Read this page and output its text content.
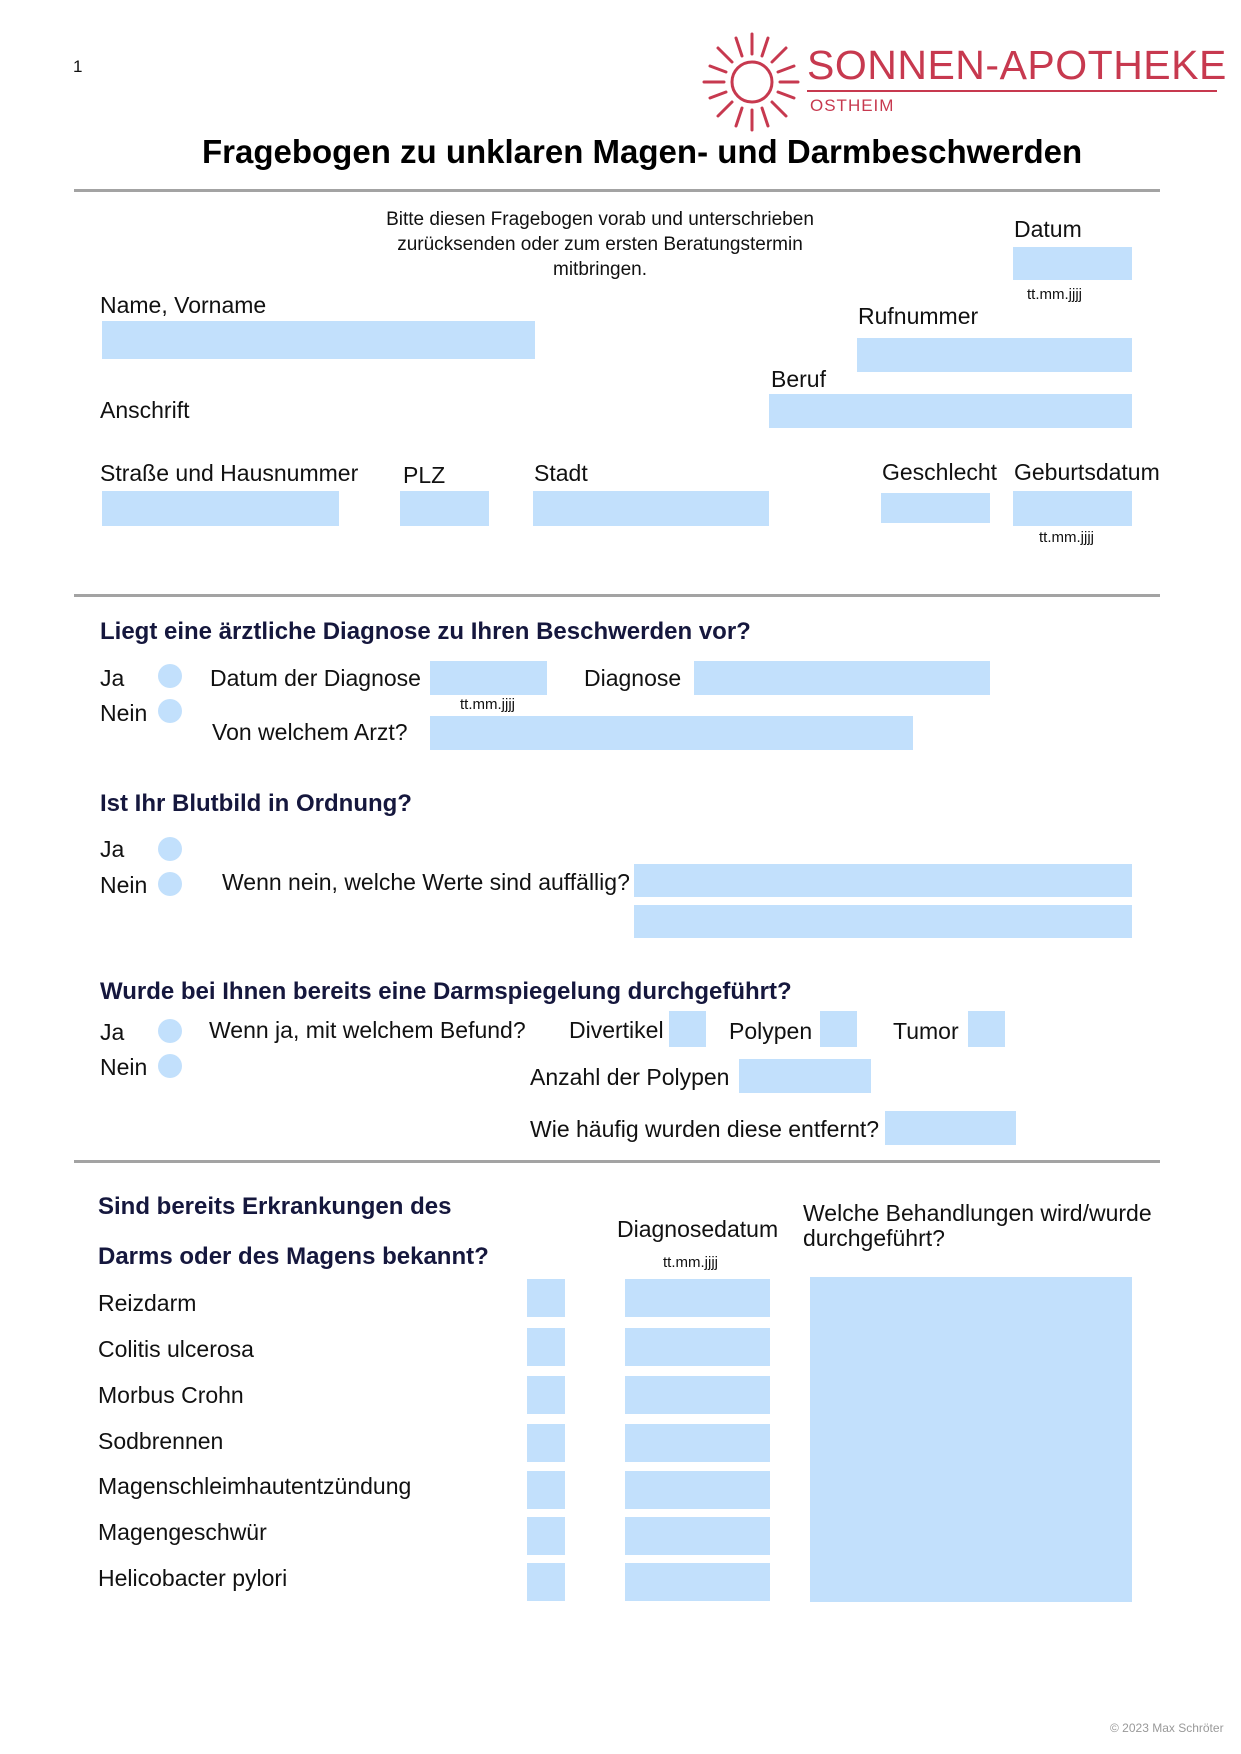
1	SONNEN-APOTHEKE
OSTHEIM
Fragebogen zu unklaren Magen- und Darmbeschwerden
Bitte diesen Fragebogen vorab und unterschrieben zurücksenden oder zum ersten Beratungstermin mitbringen.
Datum
tt.mm.jjjj
Name, Vorname	Rufnummer
Beruf
Anschrift
Straße und Hausnummer PLZ	Stadt	Geschlecht Geburtsdatum
tt.mm.jjjj
Liegt eine ärztliche Diagnose zu Ihren Beschwerden vor?
Ja
Nein
Datum der Diagnose
tt.mm.jjjj
Diagnose
Von welchem Arzt?
Ist Ihr Blutbild in Ordnung?
Ja
Nein	Wenn nein, welche Werte sind auffällig?
Wurde bei Ihnen bereits eine Darmspiegelung durchgeführt?
Ja
Nein
Wenn ja, mit welchem Befund? Divertikel	Polypen	Tumor
Anzahl der Polypen
Wie häufig wurden diese entfernt?
Sind bereits Erkrankungen des
Darms oder des Magens bekannt?
Diagnosedatum
tt.mm.jjjj
Welche Behandlungen wird/wurde durchgeführt?
Reizdarm
Colitis ulcerosa
Morbus Crohn
Sodbrennen
Magenschleimhautentzündung
Magengeschwür
Helicobacter pylori
© 2023 Max Schröter
